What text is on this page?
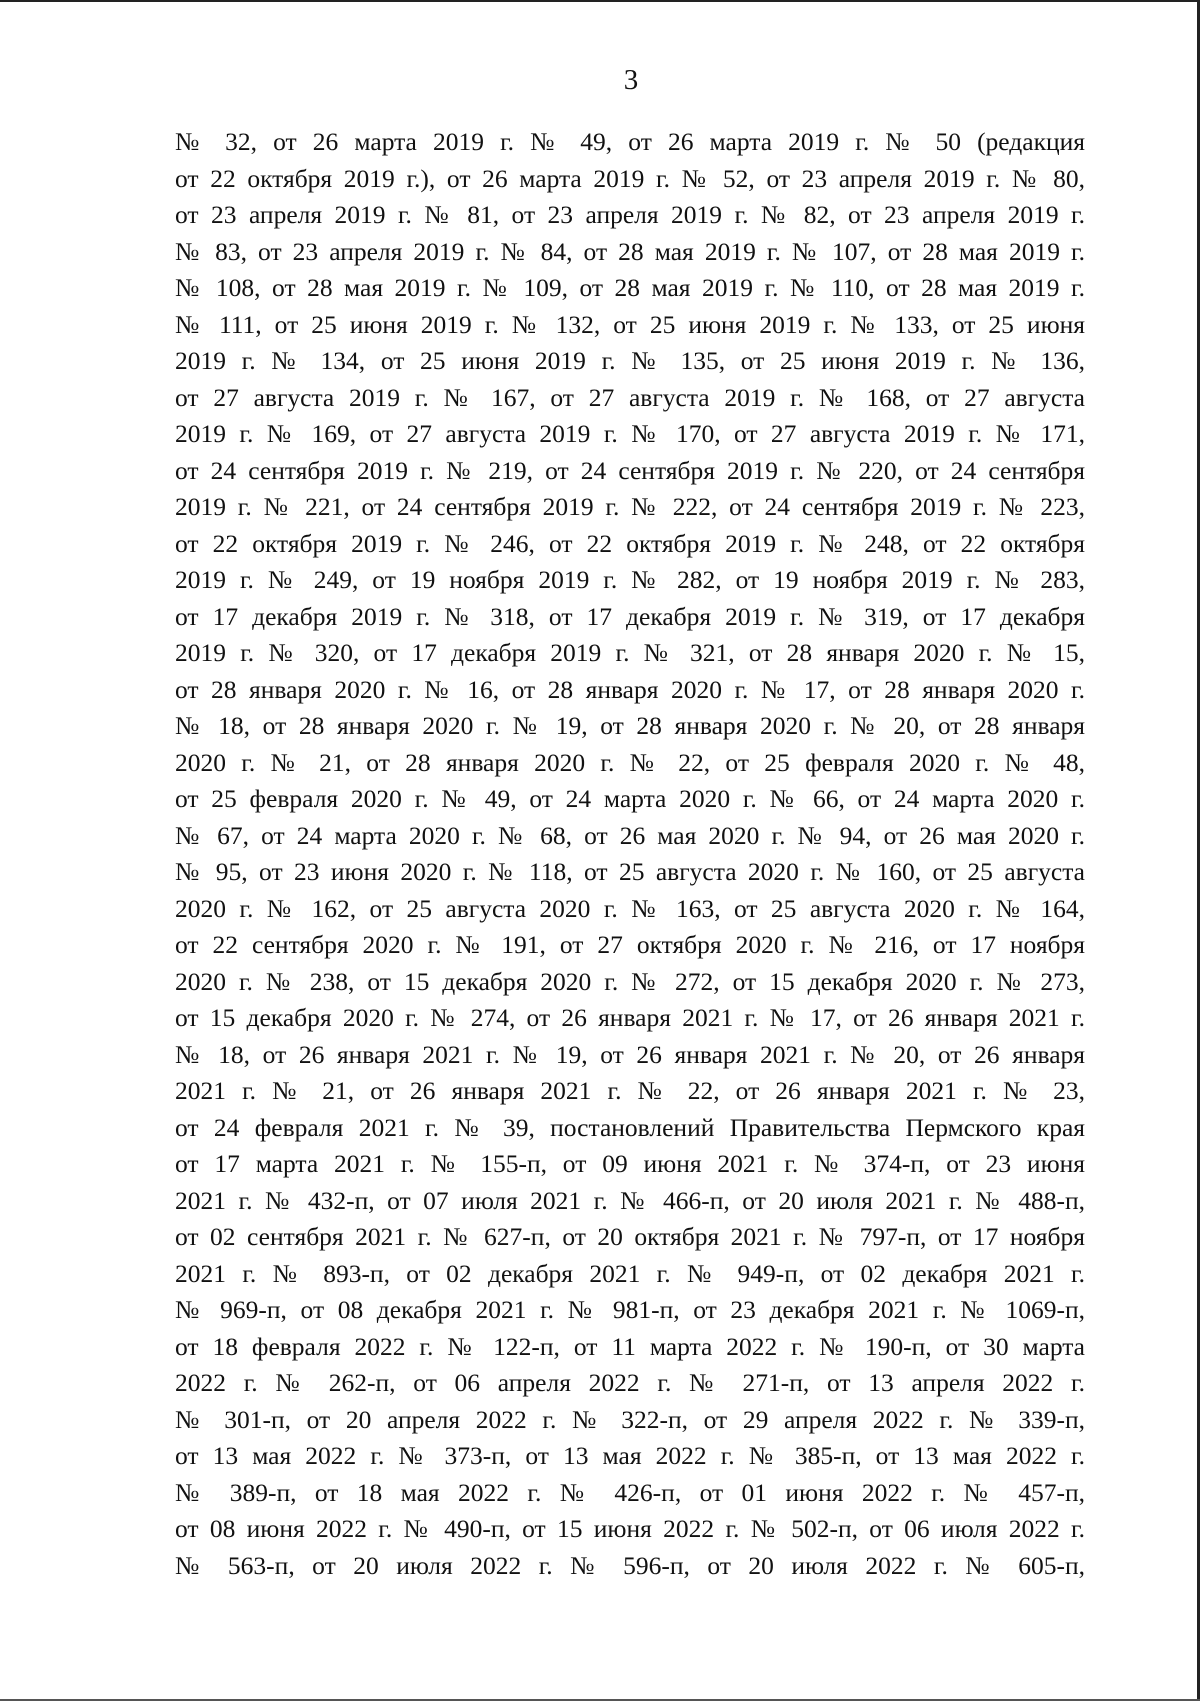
3
№ 32, от 26 марта 2019 г. № 49, от 26 марта 2019 г. № 50 (редакция
от 22 октября 2019 г.), от 26 марта 2019 г. № 52, от 23 апреля 2019 г. № 80,
от 23 апреля 2019 г. № 81, от 23 апреля 2019 г. № 82, от 23 апреля 2019 г.
№ 83, от 23 апреля 2019 г. № 84, от 28 мая 2019 г. № 107, от 28 мая 2019 г.
№ 108, от 28 мая 2019 г. № 109, от 28 мая 2019 г. № 110, от 28 мая 2019 г.
№ 111, от 25 июня 2019 г. № 132, от 25 июня 2019 г. № 133, от 25 июня
2019 г. № 134, от 25 июня 2019 г. № 135, от 25 июня 2019 г. № 136,
от 27 августа 2019 г. № 167, от 27 августа 2019 г. № 168, от 27 августа
2019 г. № 169, от 27 августа 2019 г. № 170, от 27 августа 2019 г. № 171,
от 24 сентября 2019 г. № 219, от 24 сентября 2019 г. № 220, от 24 сентября
2019 г. № 221, от 24 сентября 2019 г. № 222, от 24 сентября 2019 г. № 223,
от 22 октября 2019 г. № 246, от 22 октября 2019 г. № 248, от 22 октября
2019 г. № 249, от 19 ноября 2019 г. № 282, от 19 ноября 2019 г. № 283,
от 17 декабря 2019 г. № 318, от 17 декабря 2019 г. № 319, от 17 декабря
2019 г. № 320, от 17 декабря 2019 г. № 321, от 28 января 2020 г. № 15,
от 28 января 2020 г. № 16, от 28 января 2020 г. № 17, от 28 января 2020 г.
№ 18, от 28 января 2020 г. № 19, от 28 января 2020 г. № 20, от 28 января
2020 г. № 21, от 28 января 2020 г. № 22, от 25 февраля 2020 г. № 48,
от 25 февраля 2020 г. № 49, от 24 марта 2020 г. № 66, от 24 марта 2020 г.
№ 67, от 24 марта 2020 г. № 68, от 26 мая 2020 г. № 94, от 26 мая 2020 г.
№ 95, от 23 июня 2020 г. № 118, от 25 августа 2020 г. № 160, от 25 августа
2020 г. № 162, от 25 августа 2020 г. № 163, от 25 августа 2020 г. № 164,
от 22 сентября 2020 г. № 191, от 27 октября 2020 г. № 216, от 17 ноября
2020 г. № 238, от 15 декабря 2020 г. № 272, от 15 декабря 2020 г. № 273,
от 15 декабря 2020 г. № 274, от 26 января 2021 г. № 17, от 26 января 2021 г.
№ 18, от 26 января 2021 г. № 19, от 26 января 2021 г. № 20, от 26 января
2021 г. № 21, от 26 января 2021 г. № 22, от 26 января 2021 г. № 23,
от 24 февраля 2021 г. № 39, постановлений Правительства Пермского края
от 17 марта 2021 г. № 155-п, от 09 июня 2021 г. № 374-п, от 23 июня
2021 г. № 432-п, от 07 июля 2021 г. № 466-п, от 20 июля 2021 г. № 488-п,
от 02 сентября 2021 г. № 627-п, от 20 октября 2021 г. № 797-п, от 17 ноября
2021 г. № 893-п, от 02 декабря 2021 г. № 949-п, от 02 декабря 2021 г.
№ 969-п, от 08 декабря 2021 г. № 981-п, от 23 декабря 2021 г. № 1069-п,
от 18 февраля 2022 г. № 122-п, от 11 марта 2022 г. № 190-п, от 30 марта
2022 г. № 262-п, от 06 апреля 2022 г. № 271-п, от 13 апреля 2022 г.
№ 301-п, от 20 апреля 2022 г. № 322-п, от 29 апреля 2022 г. № 339-п,
от 13 мая 2022 г. № 373-п, от 13 мая 2022 г. № 385-п, от 13 мая 2022 г.
№ 389-п, от 18 мая 2022 г. № 426-п, от 01 июня 2022 г. № 457-п,
от 08 июня 2022 г. № 490-п, от 15 июня 2022 г. № 502-п, от 06 июля 2022 г.
№ 563-п, от 20 июля 2022 г. № 596-п, от 20 июля 2022 г. № 605-п,
